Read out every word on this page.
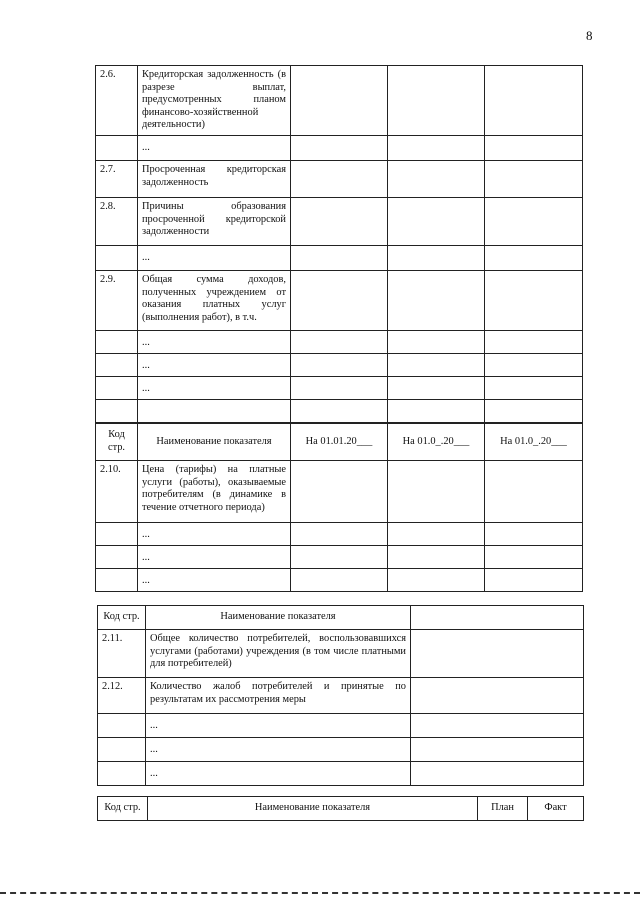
8
2.6.	Кредиторская задолженность (в разрезе выплат, предусмотренных планом финансово-хозяйственной деятельности)			

	...			

2.7.	Просроченная кредиторская задолженность			
2.8.	Причины образования просроченной кредиторской задолженности			

	...			

2.9.	Общая сумма доходов, полученных учреждением от оказания платных услуг (выполнения работ), в т.ч.			

	...			

	...			

	...			

Код стр.	Наименование показателя	На 01.01.20___	На 01.0_.20___	На 01.0_.20___
2.10.	Цена (тарифы) на платные услуги (работы), оказываемые потребителям (в динамике в течение отчетного периода)			

	...			

	...			

	...			

Код стр.	Наименование показателя	
2.11.	Общее количество потребителей, воспользовавшихся услугами (работами) учреждения (в том числе платными для потребителей)	
2.12.	Количество жалоб потребителей и принятые по результатам их рассмотрения меры	

	...	

	...	

	...	

Код стр.	Наименование показателя	План	Факт
